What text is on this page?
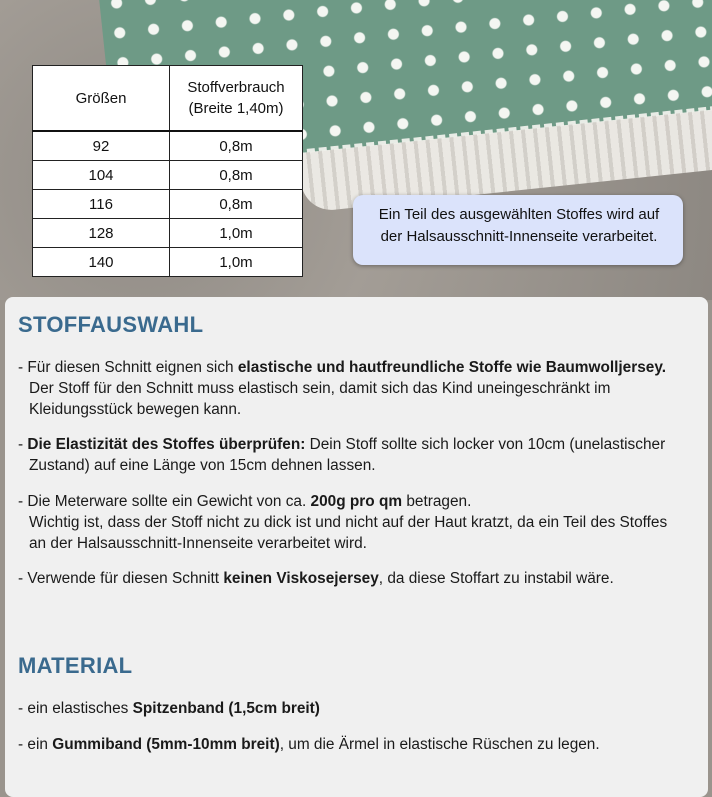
Größen	Stoffverbrauch
(Breite 1,40m)
92	0,8m
104	0,8m
116	0,8m
128	1,0m
140	1,0m
Ein Teil des ausgewählten Stoffes wird auf
der Halsausschnitt-Innenseite verarbeitet.
STOFFAUSWAHL

- Für diesen Schnitt eignen sich elastische und hautfreundliche Stoffe wie Baumwolljersey.
Der Stoff für den Schnitt muss elastisch sein, damit sich das Kind uneingeschränkt im
Kleidungsstück bewegen kann.

- Die Elastizität des Stoffes überprüfen: Dein Stoff sollte sich locker von 10cm (unelastischer
Zustand) auf eine Länge von 15cm dehnen lassen.

- Die Meterware sollte ein Gewicht von ca. 200g pro qm betragen.
Wichtig ist, dass der Stoff nicht zu dick ist und nicht auf der Haut kratzt, da ein Teil des Stoffes
an der Halsausschnitt-Innenseite verarbeitet wird.

- Verwende für diesen Schnitt keinen Viskosejersey, da diese Stoffart zu instabil wäre.

MATERIAL

- ein elastisches Spitzenband (1,5cm breit)

- ein Gummiband (5mm-10mm breit), um die Ärmel in elastische Rüschen zu legen.
